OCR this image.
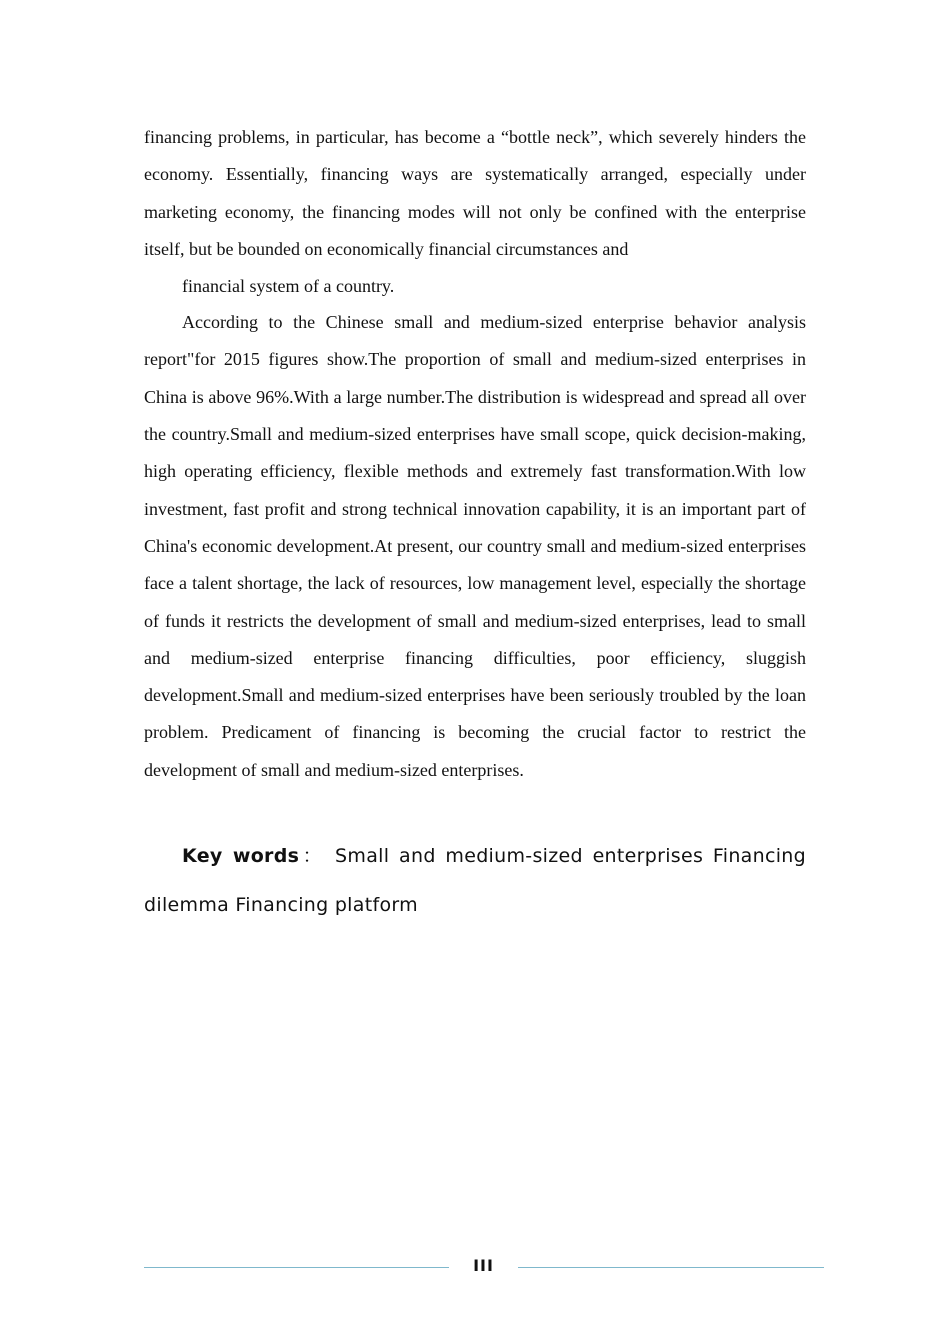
financing problems, in particular, has become a “bottle neck”, which severely hinders the economy. Essentially, financing ways are systematically arranged, especially under marketing economy, the financing modes will not only be confined with the enterprise itself, but be bounded on economically financial circumstances and

financial system of a country.

According to the Chinese small and medium-sized enterprise behavior analysis report"for 2015 figures show.The proportion of small and medium-sized enterprises in China is above 96%.With a large number.The distribution is widespread and spread all over the country.Small and medium-sized enterprises have small scope, quick decision-making, high operating efficiency, flexible methods and extremely fast transformation.With low investment, fast profit and strong technical innovation capability, it is an important part of China's economic development.At present, our country small and medium-sized enterprises face a talent shortage, the lack of resources, low management level, especially the shortage of funds it restricts the development of small and medium-sized enterprises, lead to small and medium-sized enterprise financing difficulties, poor efficiency, sluggish development.Small and medium-sized enterprises have been seriously troubled by the loan problem. Predicament of financing is becoming the crucial factor to restrict the development of small and medium-sized enterprises.

Key words： Small and medium-sized enterprises Financing dilemma Financing platform

III
